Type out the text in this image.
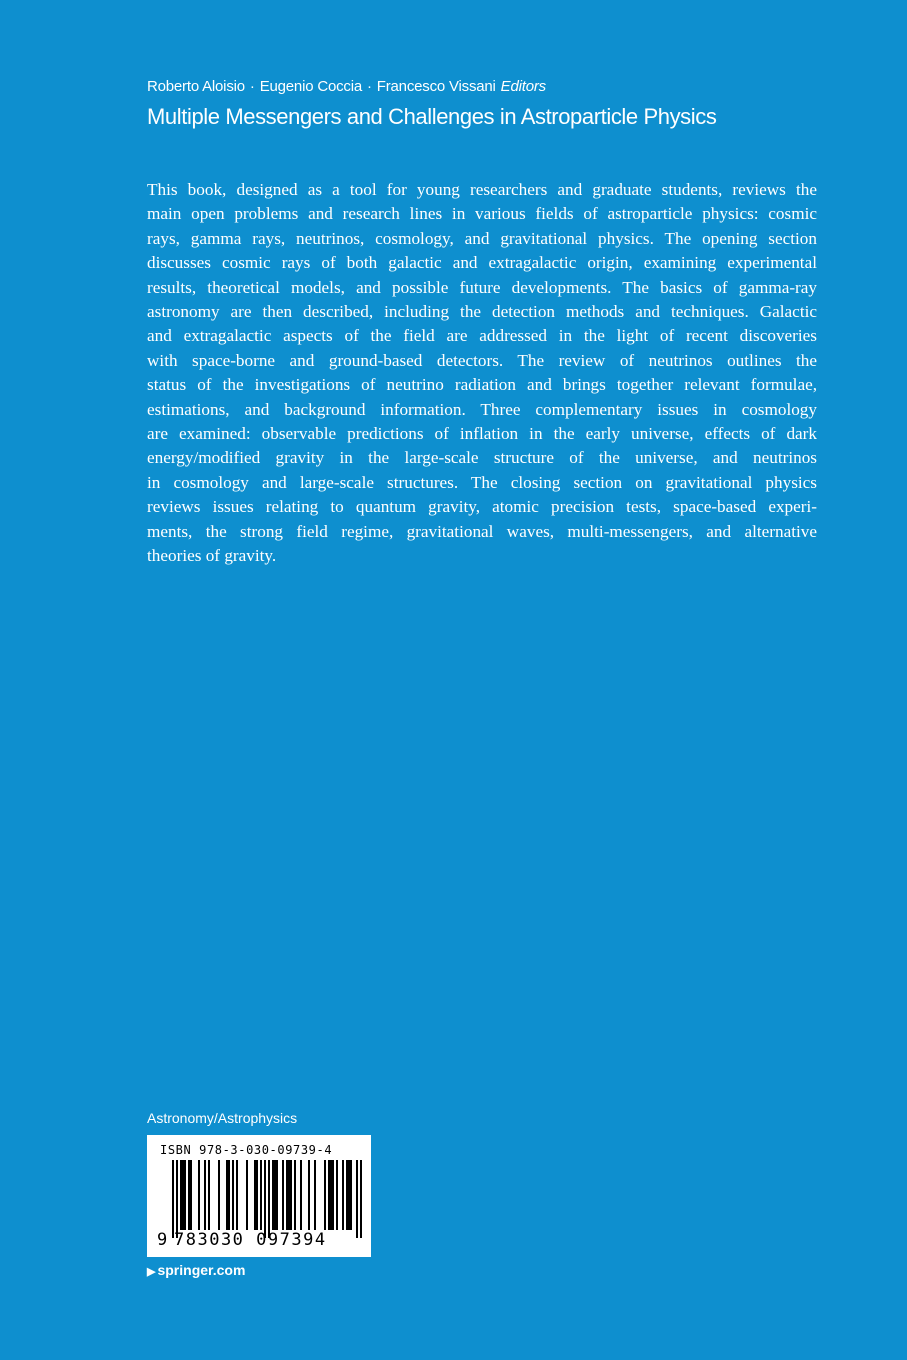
Roberto Aloisio · Eugenio Coccia · Francesco Vissani Editors
Multiple Messengers and Challenges in Astroparticle Physics

This book, designed as a tool for young researchers and graduate students, reviews the
main open problems and research lines in various fields of astroparticle physics: cosmic
rays, gamma rays, neutrinos, cosmology, and gravitational physics. The opening section
discusses cosmic rays of both galactic and extragalactic origin, examining experimental
results, theoretical models, and possible future developments. The basics of gamma-ray
astronomy are then described, including the detection methods and techniques. Galactic
and extragalactic aspects of the field are addressed in the light of recent discoveries
with space-borne and ground-based detectors. The review of neutrinos outlines the
status of the investigations of neutrino radiation and brings together relevant formulae,
estimations, and background information. Three complementary issues in cosmology
are examined: observable predictions of inflation in the early universe, effects of dark
energy/modified gravity in the large-scale structure of the universe, and neutrinos
in cosmology and large-scale structures. The closing section on gravitational physics
reviews issues relating to quantum gravity, atomic precision tests, space-based experi-
ments, the strong field regime, gravitational waves, multi-messengers, and alternative
theories of gravity.

Astronomy/Astrophysics
ISBN 978-3-030-09739-4
9 783030 097394
▶ springer.com
